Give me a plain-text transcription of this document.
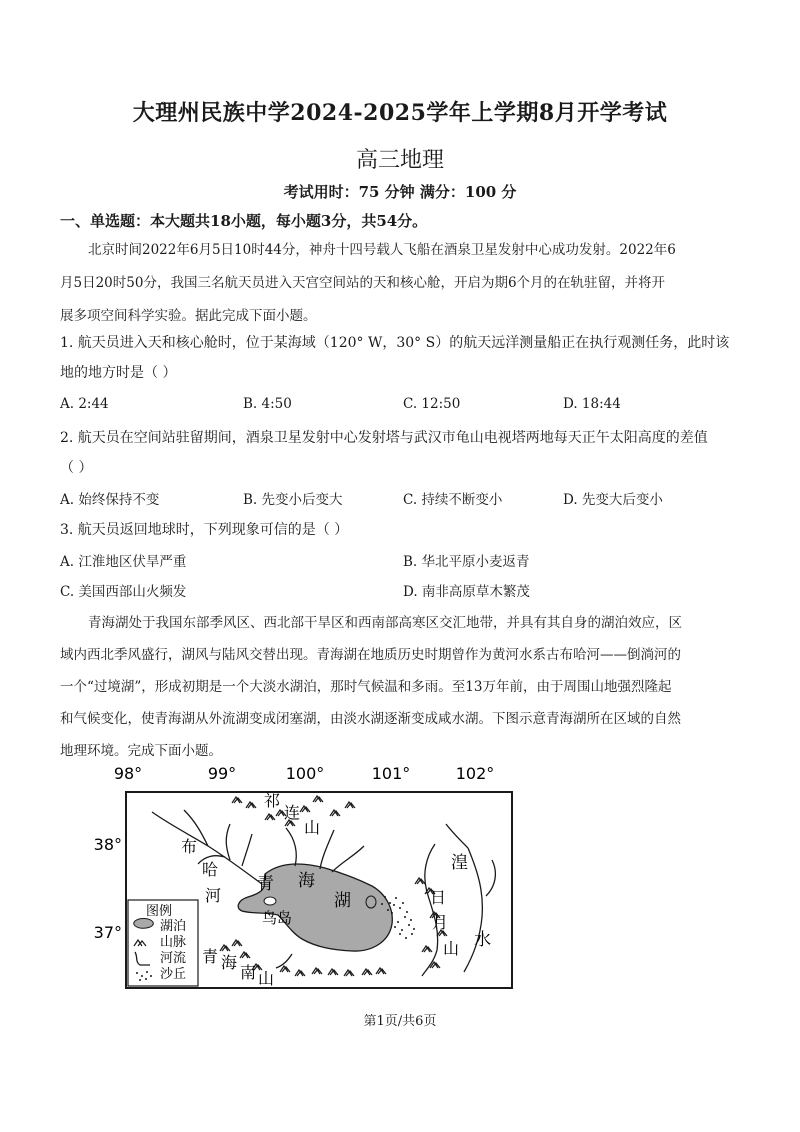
大理州民族中学2024-2025学年上学期8月开学考试
高三地理
考试用时：75 分钟 满分：100 分
一、单选题：本大题共18小题，每小题3分，共54分。
北京时间2022年6月5日10时44分，神舟十四号载人飞船在酒泉卫星发射中心成功发射。2022年6
月5日20时50分，我国三名航天员进入天宫空间站的天和核心舱，开启为期6个月的在轨驻留，并将开
展多项空间科学实验。据此完成下面小题。
1. 航天员进入天和核心舱时，位于某海域（120° W，30° S）的航天远洋测量船正在执行观测任务，此时该
地的地方时是（ ）
A. 2:44	B. 4:50	C. 12:50	D. 18:44
2. 航天员在空间站驻留期间，酒泉卫星发射中心发射塔与武汉市龟山电视塔两地每天正午太阳高度的差值
（ ）
A. 始终保持不变	B. 先变小后变大	C. 持续不断变小	D. 先变大后变小
3. 航天员返回地球时，下列现象可信的是（ ）
A. 江淮地区伏旱严重	B. 华北平原小麦返青
C. 美国西部山火频发	D. 南非高原草木繁茂
青海湖处于我国东部季风区、西北部干旱区和西南部高寒区交汇地带，并具有其自身的湖泊效应，区
域内西北季风盛行，湖风与陆风交替出现。青海湖在地质历史时期曾作为黄河水系古布哈河——倒淌河的
一个“过境湖”，形成初期是一个大淡水湖泊，那时气候温和多雨。至13万年前，由于周围山地强烈隆起
和气候变化，使青海湖从外流湖变成闭塞湖，由淡水湖逐渐变成咸水湖。下图示意青海湖所在区域的自然
地理环境。完成下面小题。
98°	99°	100°	101°	102°
38°
37°
祁
连
山
布
哈
河
青 海
湖
鸟岛
日
月
山
湟
水
青 海
南 山
图例
湖泊
山脉
河流
沙丘
第1页/共6页
